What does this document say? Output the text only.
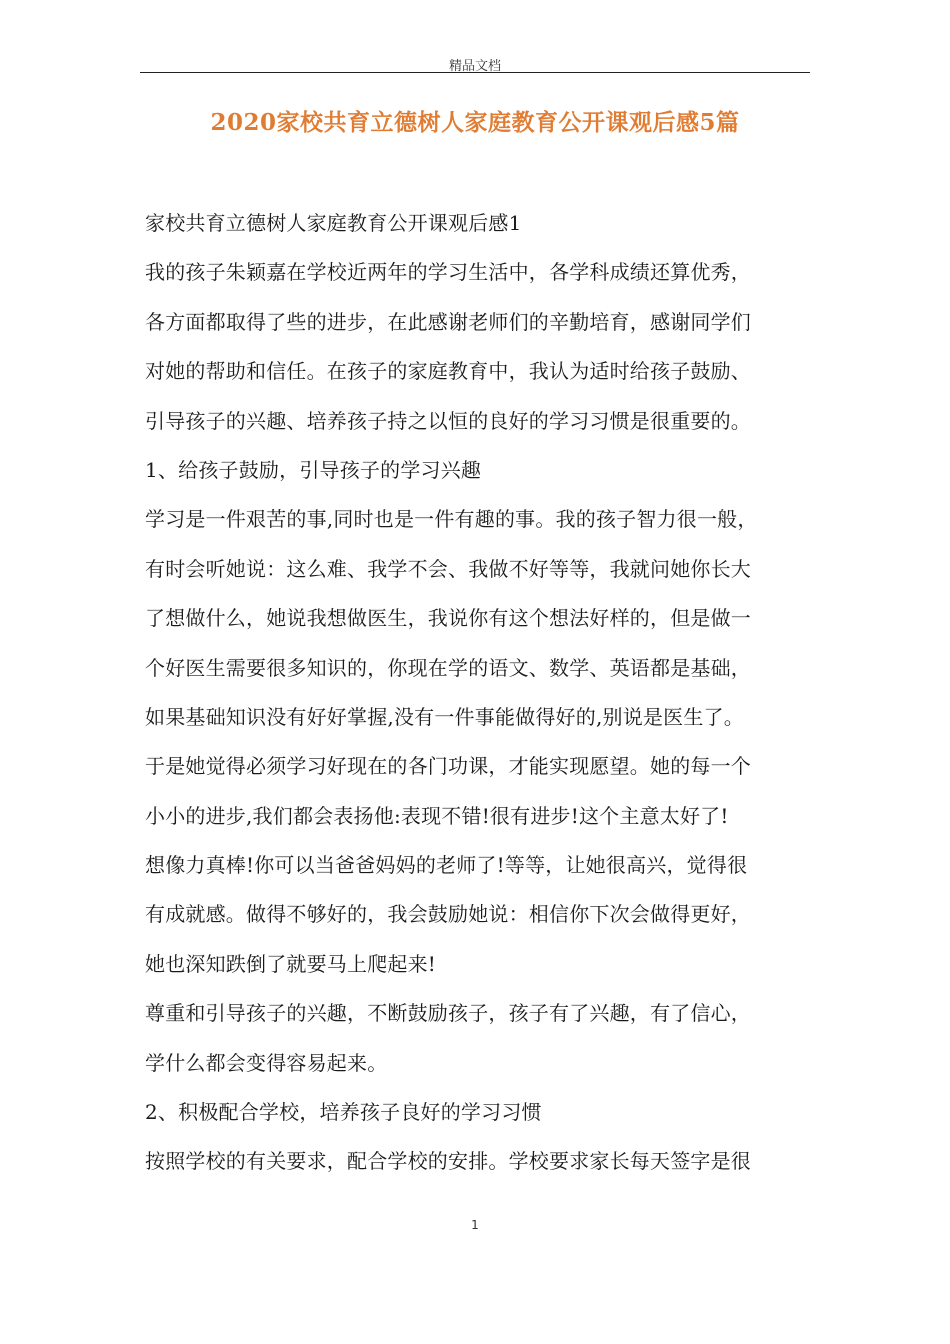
精品文档
2020家校共育立德树人家庭教育公开课观后感5篇
家校共育立德树人家庭教育公开课观后感1
我的孩子朱颖嘉在学校近两年的学习生活中，各学科成绩还算优秀，
各方面都取得了些的进步，在此感谢老师们的辛勤培育，感谢同学们
对她的帮助和信任。在孩子的家庭教育中，我认为适时给孩子鼓励、
引导孩子的兴趣、培养孩子持之以恒的良好的学习习惯是很重要的。
1、给孩子鼓励，引导孩子的学习兴趣
学习是一件艰苦的事,同时也是一件有趣的事。我的孩子智力很一般，
有时会听她说：这么难、我学不会、我做不好等等，我就问她你长大
了想做什么，她说我想做医生，我说你有这个想法好样的，但是做一
个好医生需要很多知识的，你现在学的语文、数学、英语都是基础，
如果基础知识没有好好掌握,没有一件事能做得好的,别说是医生了。
于是她觉得必须学习好现在的各门功课，才能实现愿望。她的每一个
小小的进步,我们都会表扬他:表现不错!很有进步!这个主意太好了!
想像力真棒!你可以当爸爸妈妈的老师了!等等，让她很高兴，觉得很
有成就感。做得不够好的，我会鼓励她说：相信你下次会做得更好，
她也深知跌倒了就要马上爬起来!
尊重和引导孩子的兴趣，不断鼓励孩子，孩子有了兴趣，有了信心，
学什么都会变得容易起来。
2、积极配合学校，培养孩子良好的学习习惯
按照学校的有关要求，配合学校的安排。学校要求家长每天签字是很
1
